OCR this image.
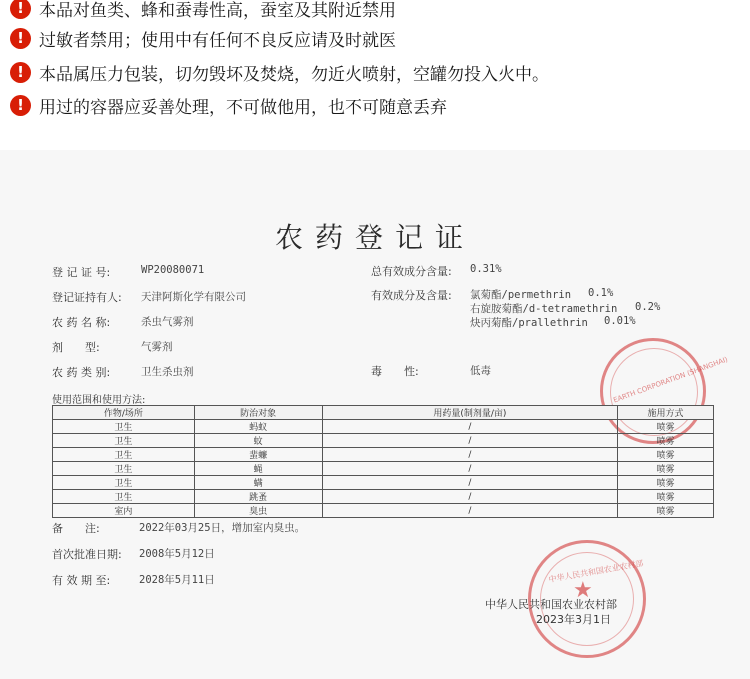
! 本品对鱼类、蜂和蚕毒性高，蚕室及其附近禁用
! 过敏者禁用；使用中有任何不良反应请及时就医
! 本品属压力包装，切勿毁坏及焚烧，勿近火喷射，空罐勿投入火中。
! 用过的容器应妥善处理，不可做他用，也不可随意丢弃
农药登记证
登 记 证 号:	WP20080071
登记证持有人: 天津阿斯化学有限公司
农 药 名 称:	杀虫气雾剂
剂　　型:	气雾剂
农 药 类 别:	卫生杀虫剂
总有效成分含量: 0.31%
有效成分及含量: 氯菊酯/permethrin 0.1%
右旋胺菊酯/d-tetramethrin 0.2%
炔丙菊酯/prallethrin 0.01%
毒　　性:	低毒	EARTH CORPORATION (SHANGHAI)
使用范围和使用方法:
作物/场所	防治对象	用药量(制剂量/亩)	施用方式
卫生	蚂蚁	/	喷雾
卫生	蚊	/	喷雾
卫生	蜚蠊	/	喷雾
卫生	蝇	/	喷雾
卫生	螨	/	喷雾
卫生	跳蚤	/	喷雾
室内	臭虫	/	喷雾
备　　注:	2022年03月25日，增加室内臭虫。
首次批准日期: 2008年5月12日
有 效 期 至:	2028年5月11日	★
中华人民共和国农业农村部
中华人民共和国农业农村部
2023年3月1日
